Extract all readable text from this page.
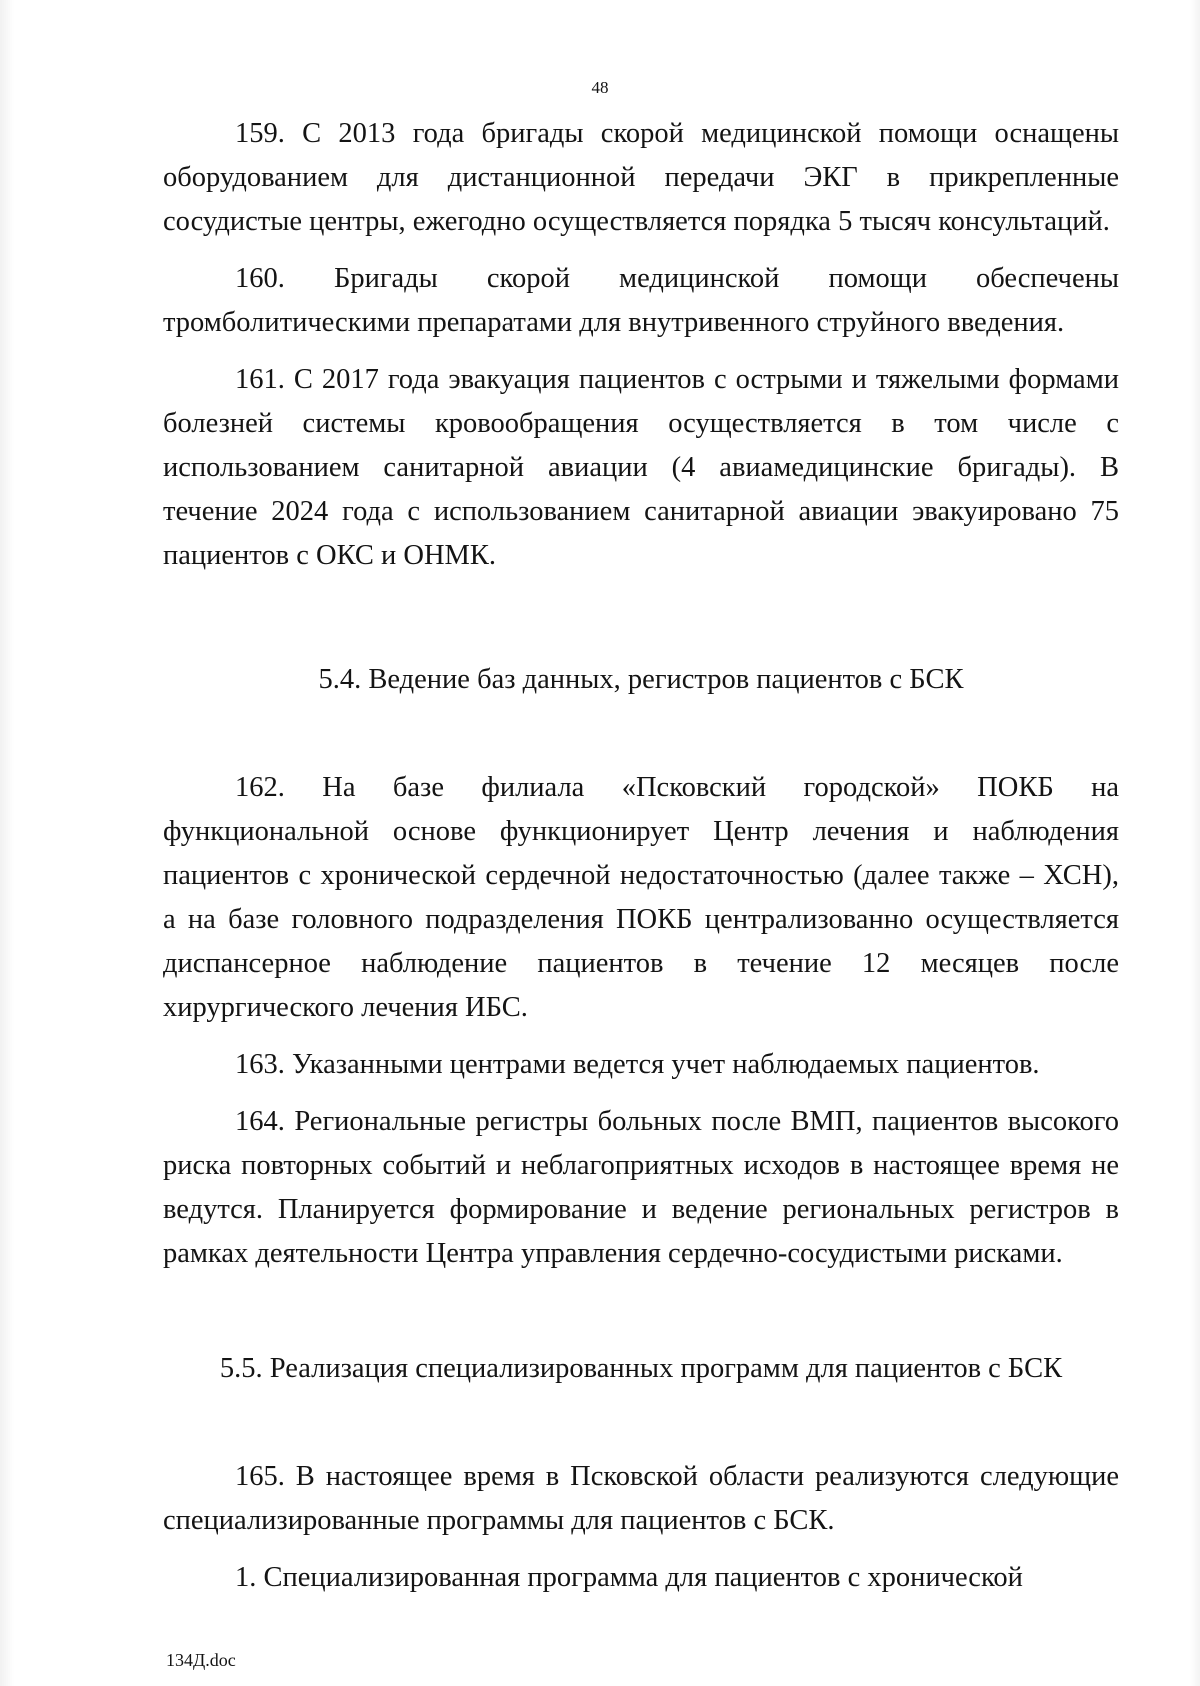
48

159. С 2013 года бригады скорой медицинской помощи оснащены оборудованием для дистанционной передачи ЭКГ в прикрепленные сосудистые центры, ежегодно осуществляется порядка 5 тысяч консультаций.

160. Бригады скорой медицинской помощи обеспечены тромболитическими препаратами для внутривенного струйного введения.

161. С 2017 года эвакуация пациентов с острыми и тяжелыми формами болезней системы кровообращения осуществляется в том числе с использованием санитарной авиации (4 авиамедицинские бригады). В течение 2024 года с использованием санитарной авиации эвакуировано 75 пациентов с ОКС и ОНМК.

5.4. Ведение баз данных, регистров пациентов с БСК

162. На базе филиала «Псковский городской» ПОКБ на функциональной основе функционирует Центр лечения и наблюдения пациентов с хронической сердечной недостаточностью (далее также – ХСН), а на базе головного подразделения ПОКБ централизованно осуществляется диспансерное наблюдение пациентов в течение 12 месяцев после хирургического лечения ИБС.

163. Указанными центрами ведется учет наблюдаемых пациентов.

164. Региональные регистры больных после ВМП, пациентов высокого риска повторных событий и неблагоприятных исходов в настоящее время не ведутся. Планируется формирование и ведение региональных регистров в рамках деятельности Центра управления сердечно-сосудистыми рисками.

5.5. Реализация специализированных программ для пациентов с БСК

165. В настоящее время в Псковской области реализуются следующие специализированные программы для пациентов с БСК.

1. Специализированная программа для пациентов с хронической

134Д.doc
